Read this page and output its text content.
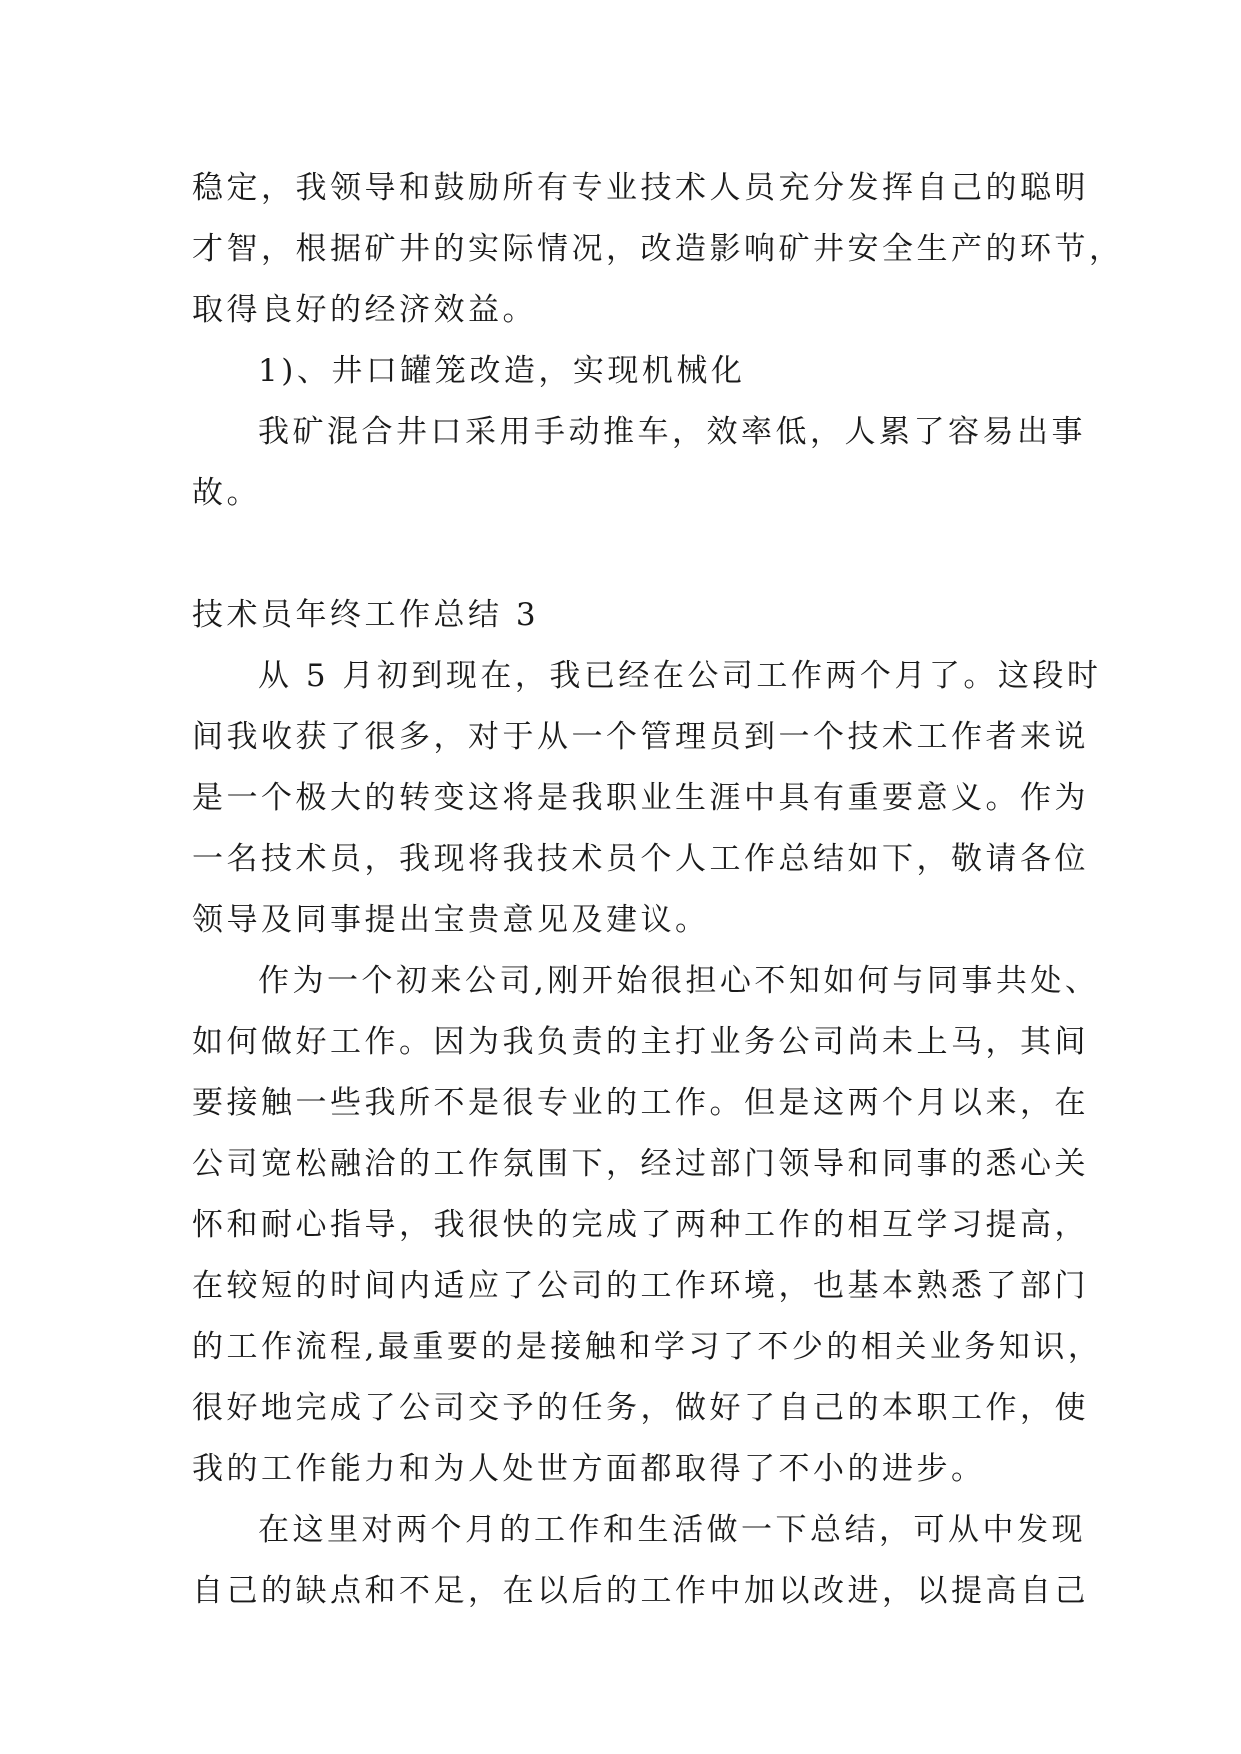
稳定，我领导和鼓励所有专业技术人员充分发挥自己的聪明
才智，根据矿井的实际情况，改造影响矿井安全生产的环节，
取得良好的经济效益。

1)、井口罐笼改造，实现机械化

我矿混合井口采用手动推车，效率低，人累了容易出事
故。

技术员年终工作总结 3

从 5 月初到现在，我已经在公司工作两个月了。这段时
间我收获了很多，对于从一个管理员到一个技术工作者来说
是一个极大的转变这将是我职业生涯中具有重要意义。作为
一名技术员，我现将我技术员个人工作总结如下，敬请各位
领导及同事提出宝贵意见及建议。

作为一个初来公司,刚开始很担心不知如何与同事共处、
如何做好工作。因为我负责的主打业务公司尚未上马，其间
要接触一些我所不是很专业的工作。但是这两个月以来，在
公司宽松融洽的工作氛围下，经过部门领导和同事的悉心关
怀和耐心指导，我很快的完成了两种工作的相互学习提高，
在较短的时间内适应了公司的工作环境，也基本熟悉了部门
的工作流程,最重要的是接触和学习了不少的相关业务知识，
很好地完成了公司交予的任务，做好了自己的本职工作，使
我的工作能力和为人处世方面都取得了不小的进步。

在这里对两个月的工作和生活做一下总结，可从中发现
自己的缺点和不足，在以后的工作中加以改进，以提高自己
